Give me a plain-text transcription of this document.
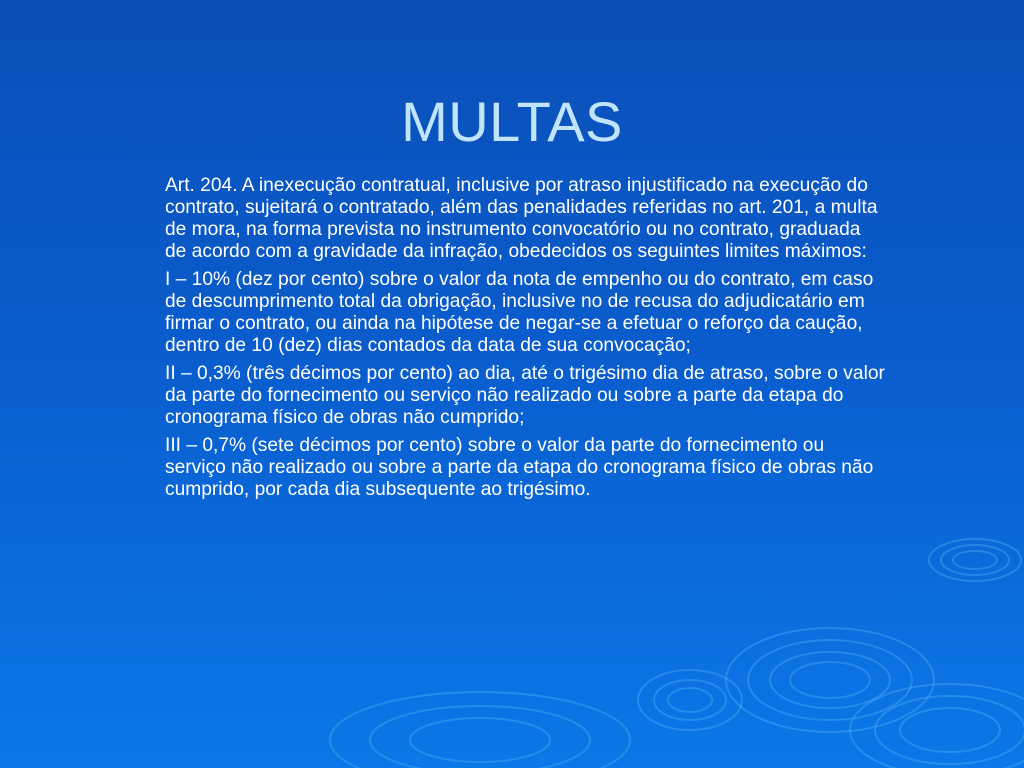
MULTAS

Art. 204. A inexecução contratual, inclusive por atraso injustificado na execução do contrato, sujeitará o contratado, além das penalidades referidas no art. 201, a multa de mora, na forma prevista no instrumento convocatório ou no contrato, graduada de acordo com a gravidade da infração, obedecidos os seguintes limites máximos:

I – 10% (dez por cento) sobre o valor da nota de empenho ou do contrato, em caso de descumprimento total da obrigação, inclusive no de recusa do adjudicatário em firmar o contrato, ou ainda na hipótese de negar-se a efetuar o reforço da caução, dentro de 10 (dez) dias contados da data de sua convocação;

II – 0,3% (três décimos por cento) ao dia, até o trigésimo dia de atraso, sobre o valor da parte do fornecimento ou serviço não realizado ou sobre a parte da etapa do cronograma físico de obras não cumprido;

III – 0,7% (sete décimos por cento) sobre o valor da parte do fornecimento ou serviço não realizado ou sobre a parte da etapa do cronograma físico de obras não cumprido, por cada dia subsequente ao trigésimo.
